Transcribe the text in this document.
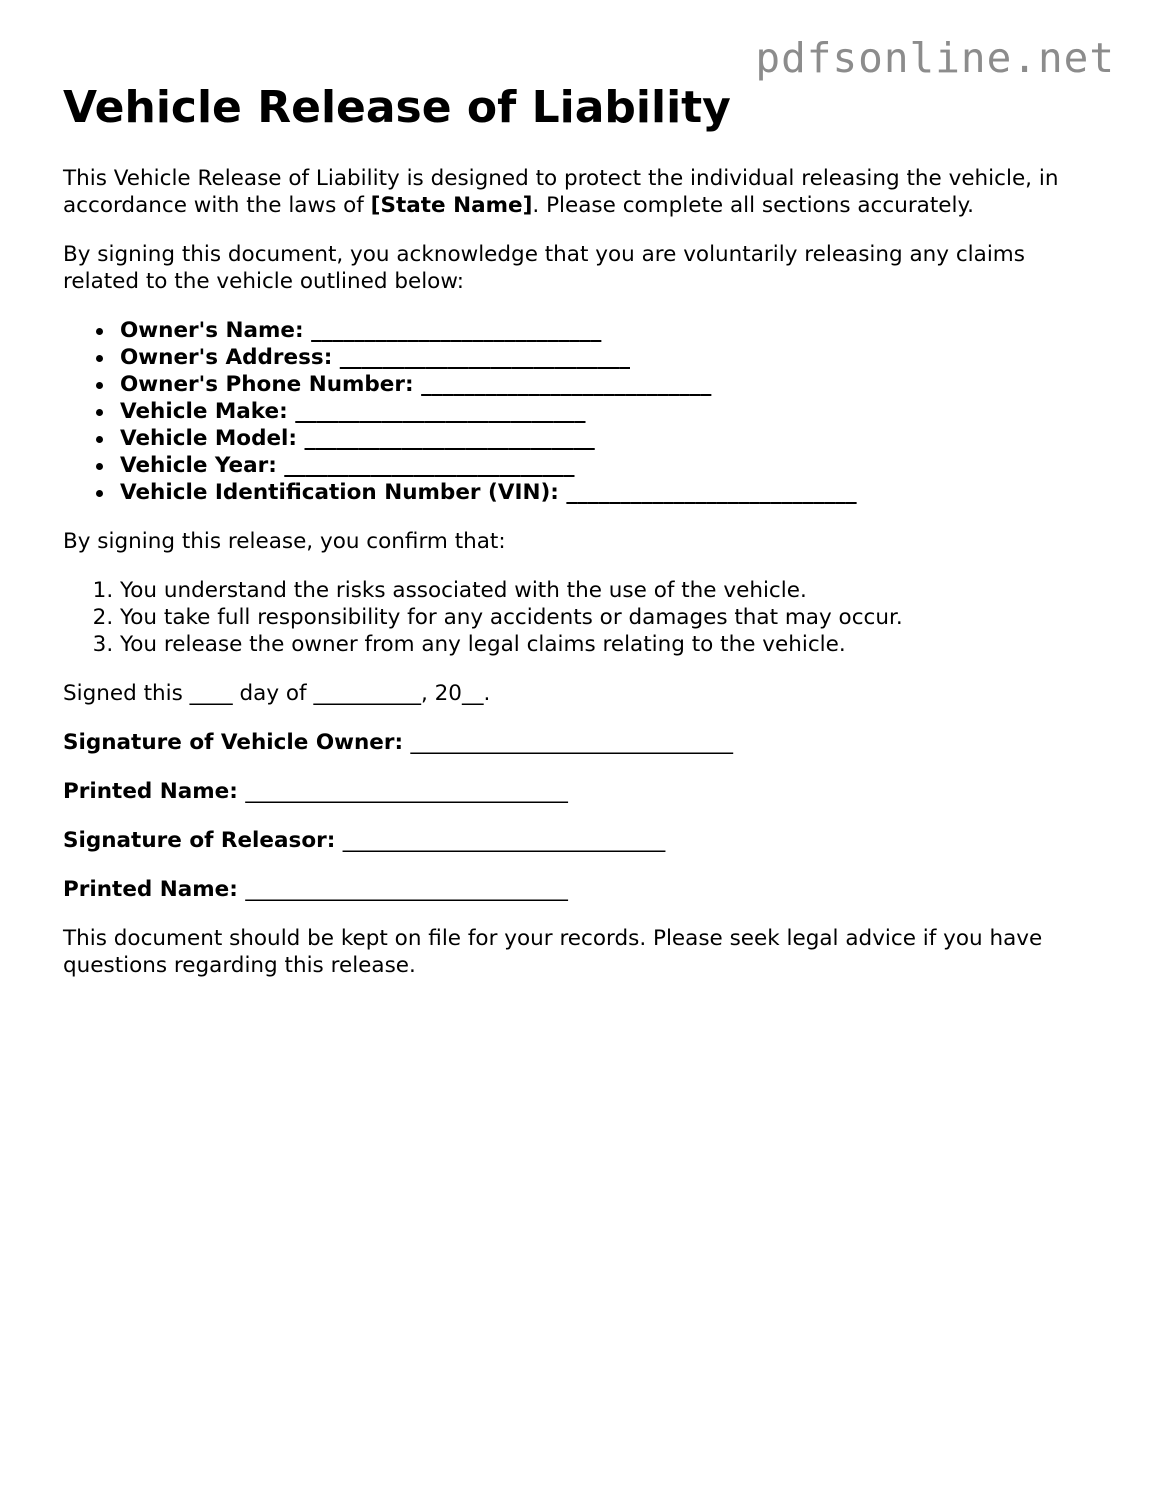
pdfsonline.net
Vehicle Release of Liability

This Vehicle Release of Liability is designed to protect the individual releasing the vehicle, in accordance with the laws of [State Name]. Please complete all sections accurately.

By signing this document, you acknowledge that you are voluntarily releasing any claims related to the vehicle outlined below:

Owner's Name: ___________________________
Owner's Address: ___________________________
Owner's Phone Number: ___________________________
Vehicle Make: ___________________________
Vehicle Model: ___________________________
Vehicle Year: ___________________________
Vehicle Identification Number (VIN): ___________________________

By signing this release, you confirm that:

1. You understand the risks associated with the use of the vehicle.
2. You take full responsibility for any accidents or damages that may occur.
3. You release the owner from any legal claims relating to the vehicle.

Signed this ____ day of __________, 20__.

Signature of Vehicle Owner: ______________________________
Printed Name: ______________________________
Signature of Releasor: ______________________________
Printed Name: ______________________________

This document should be kept on file for your records. Please seek legal advice if you have questions regarding this release.
